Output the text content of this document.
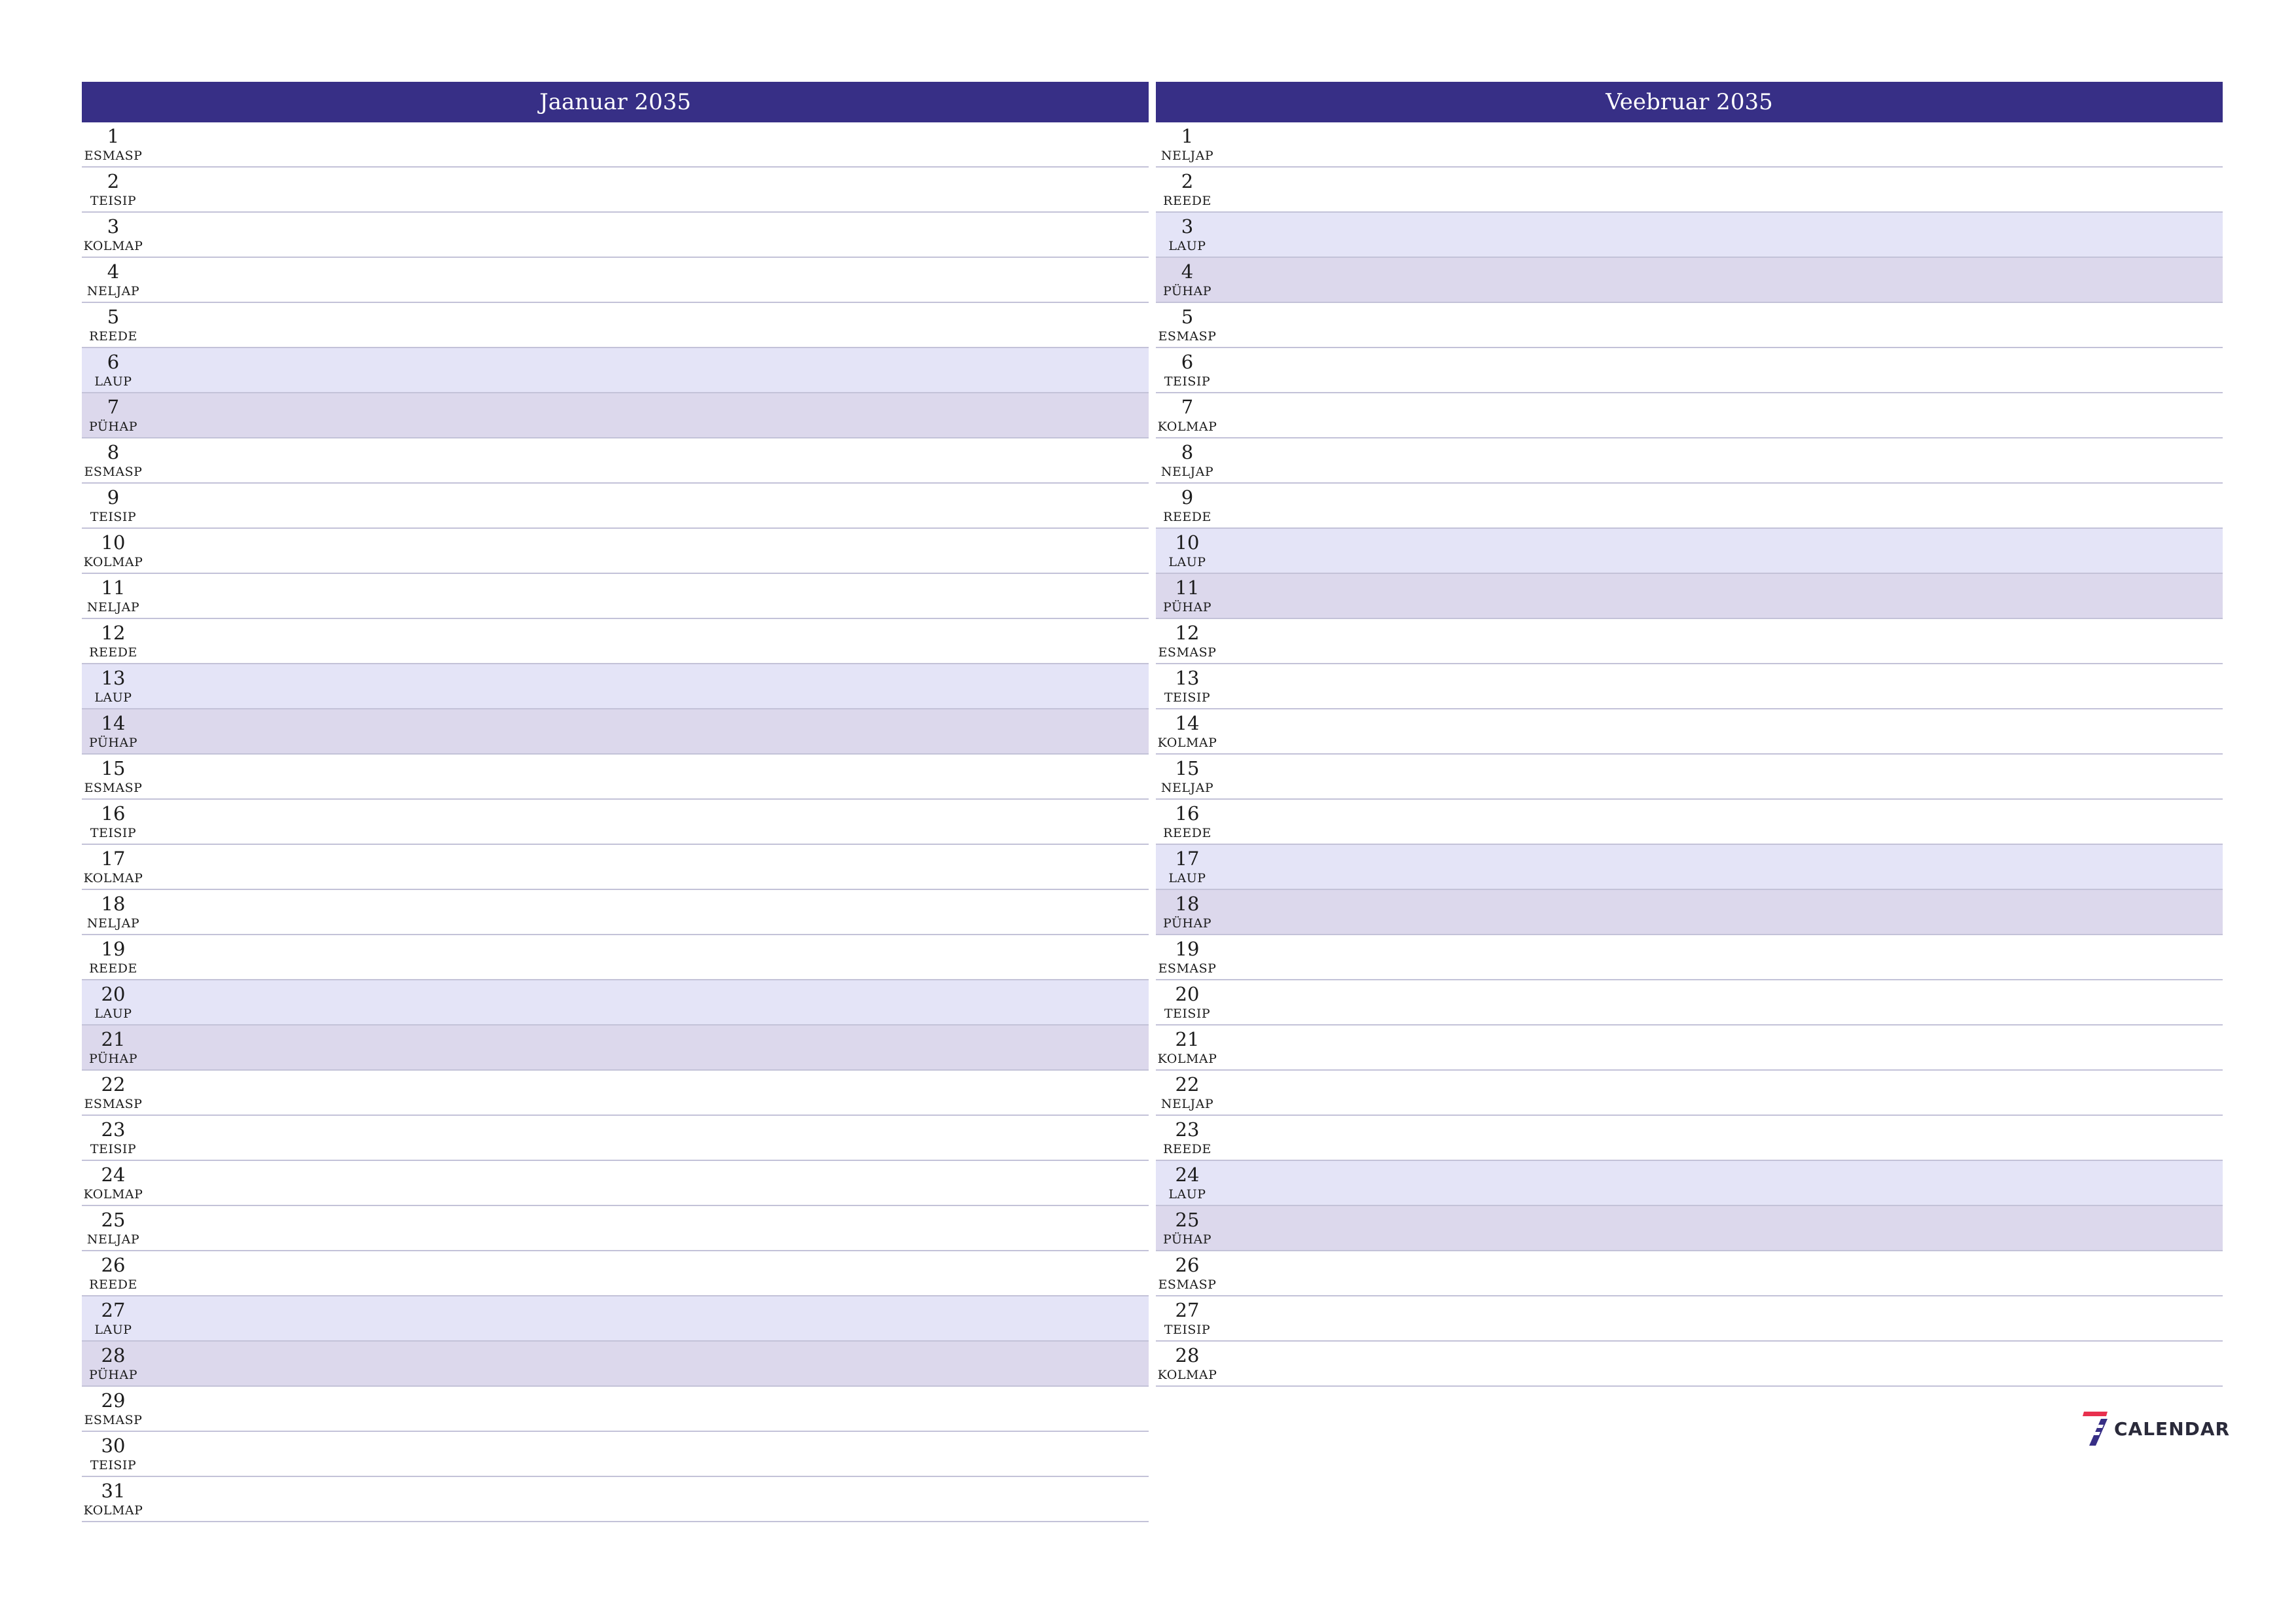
Jaanuar 2035
1
ESMASP
2
TEISIP
3
KOLMAP
4
NELJAP
5
REEDE
6
LAUP
7
PÜHAP
8
ESMASP
9
TEISIP
10
KOLMAP
11
NELJAP
12
REEDE
13
LAUP
14
PÜHAP
15
ESMASP
16
TEISIP
17
KOLMAP
18
NELJAP
19
REEDE
20
LAUP
21
PÜHAP
22
ESMASP
23
TEISIP
24
KOLMAP
25
NELJAP
26
REEDE
27
LAUP
28
PÜHAP
29
ESMASP
30
TEISIP
31
KOLMAP
Veebruar 2035
1
NELJAP
2
REEDE
3
LAUP
4
PÜHAP
5
ESMASP
6
TEISIP
7
KOLMAP
8
NELJAP
9
REEDE
10
LAUP
11
PÜHAP
12
ESMASP
13
TEISIP
14
KOLMAP
15
NELJAP
16
REEDE
17
LAUP
18
PÜHAP
19
ESMASP
20
TEISIP
21
KOLMAP
22
NELJAP
23
REEDE
24
LAUP
25
PÜHAP
26
ESMASP
27
TEISIP
28
KOLMAP
CALENDAR
